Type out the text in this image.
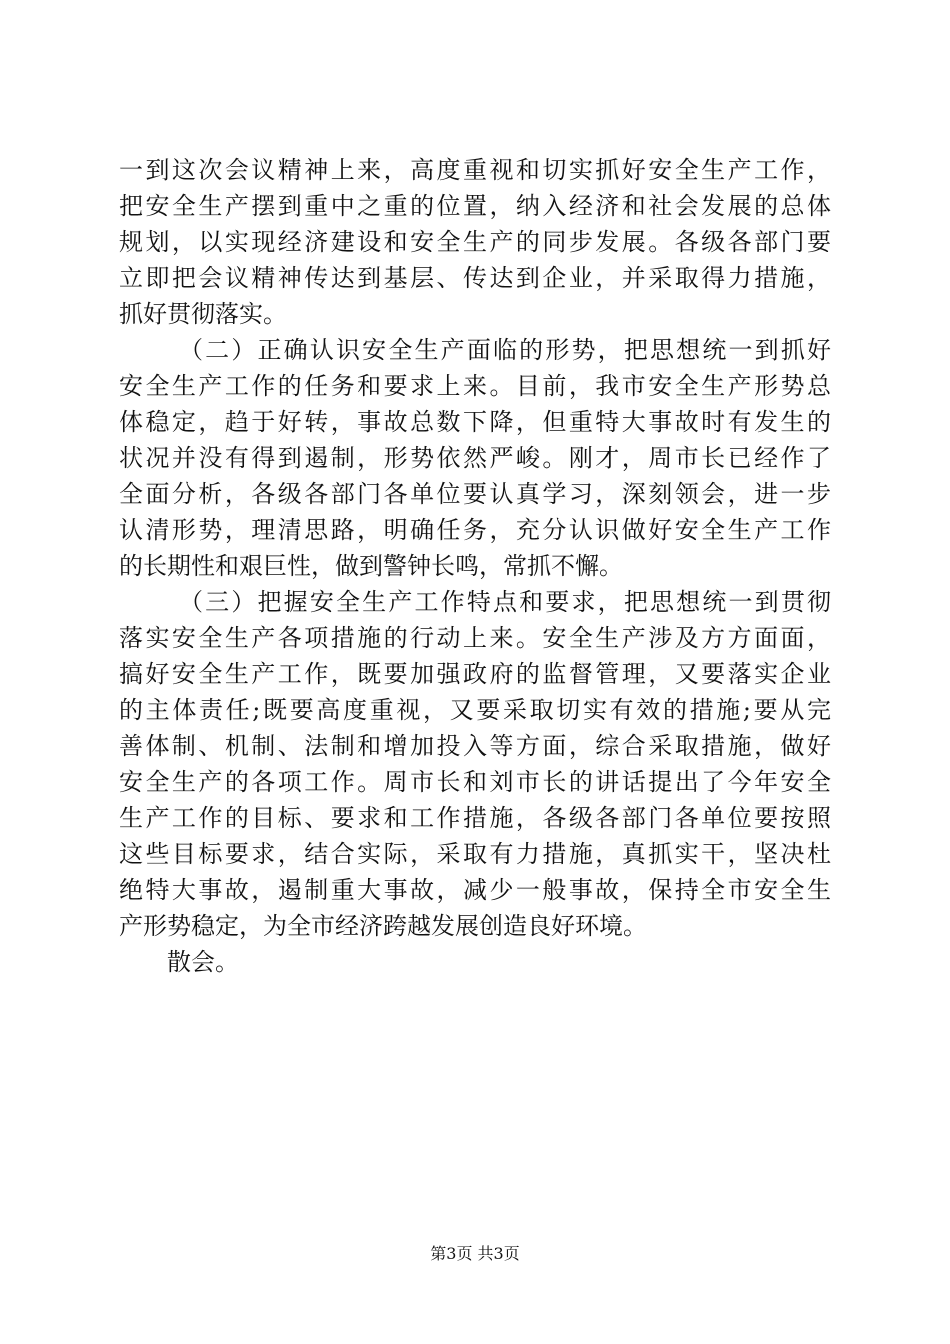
一到这次会议精神上来，高度重视和切实抓好安全生产工作，
把安全生产摆到重中之重的位置，纳入经济和社会发展的总体
规划，以实现经济建设和安全生产的同步发展。各级各部门要
立即把会议精神传达到基层、传达到企业，并采取得力措施，
抓好贯彻落实。
（二）正确认识安全生产面临的形势，把思想统一到抓好
安全生产工作的任务和要求上来。目前，我市安全生产形势总
体稳定，趋于好转，事故总数下降，但重特大事故时有发生的
状况并没有得到遏制，形势依然严峻。刚才，周市长已经作了
全面分析，各级各部门各单位要认真学习，深刻领会，进一步
认清形势，理清思路，明确任务，充分认识做好安全生产工作
的长期性和艰巨性，做到警钟长鸣，常抓不懈。
（三）把握安全生产工作特点和要求，把思想统一到贯彻
落实安全生产各项措施的行动上来。安全生产涉及方方面面，
搞好安全生产工作，既要加强政府的监督管理，又要落实企业
的主体责任;既要高度重视，又要采取切实有效的措施;要从完
善体制、机制、法制和增加投入等方面，综合采取措施，做好
安全生产的各项工作。周市长和刘市长的讲话提出了今年安全
生产工作的目标、要求和工作措施，各级各部门各单位要按照
这些目标要求，结合实际，采取有力措施，真抓实干，坚决杜
绝特大事故，遏制重大事故，减少一般事故，保持全市安全生
产形势稳定，为全市经济跨越发展创造良好环境。
散会。
第3页 共3页
